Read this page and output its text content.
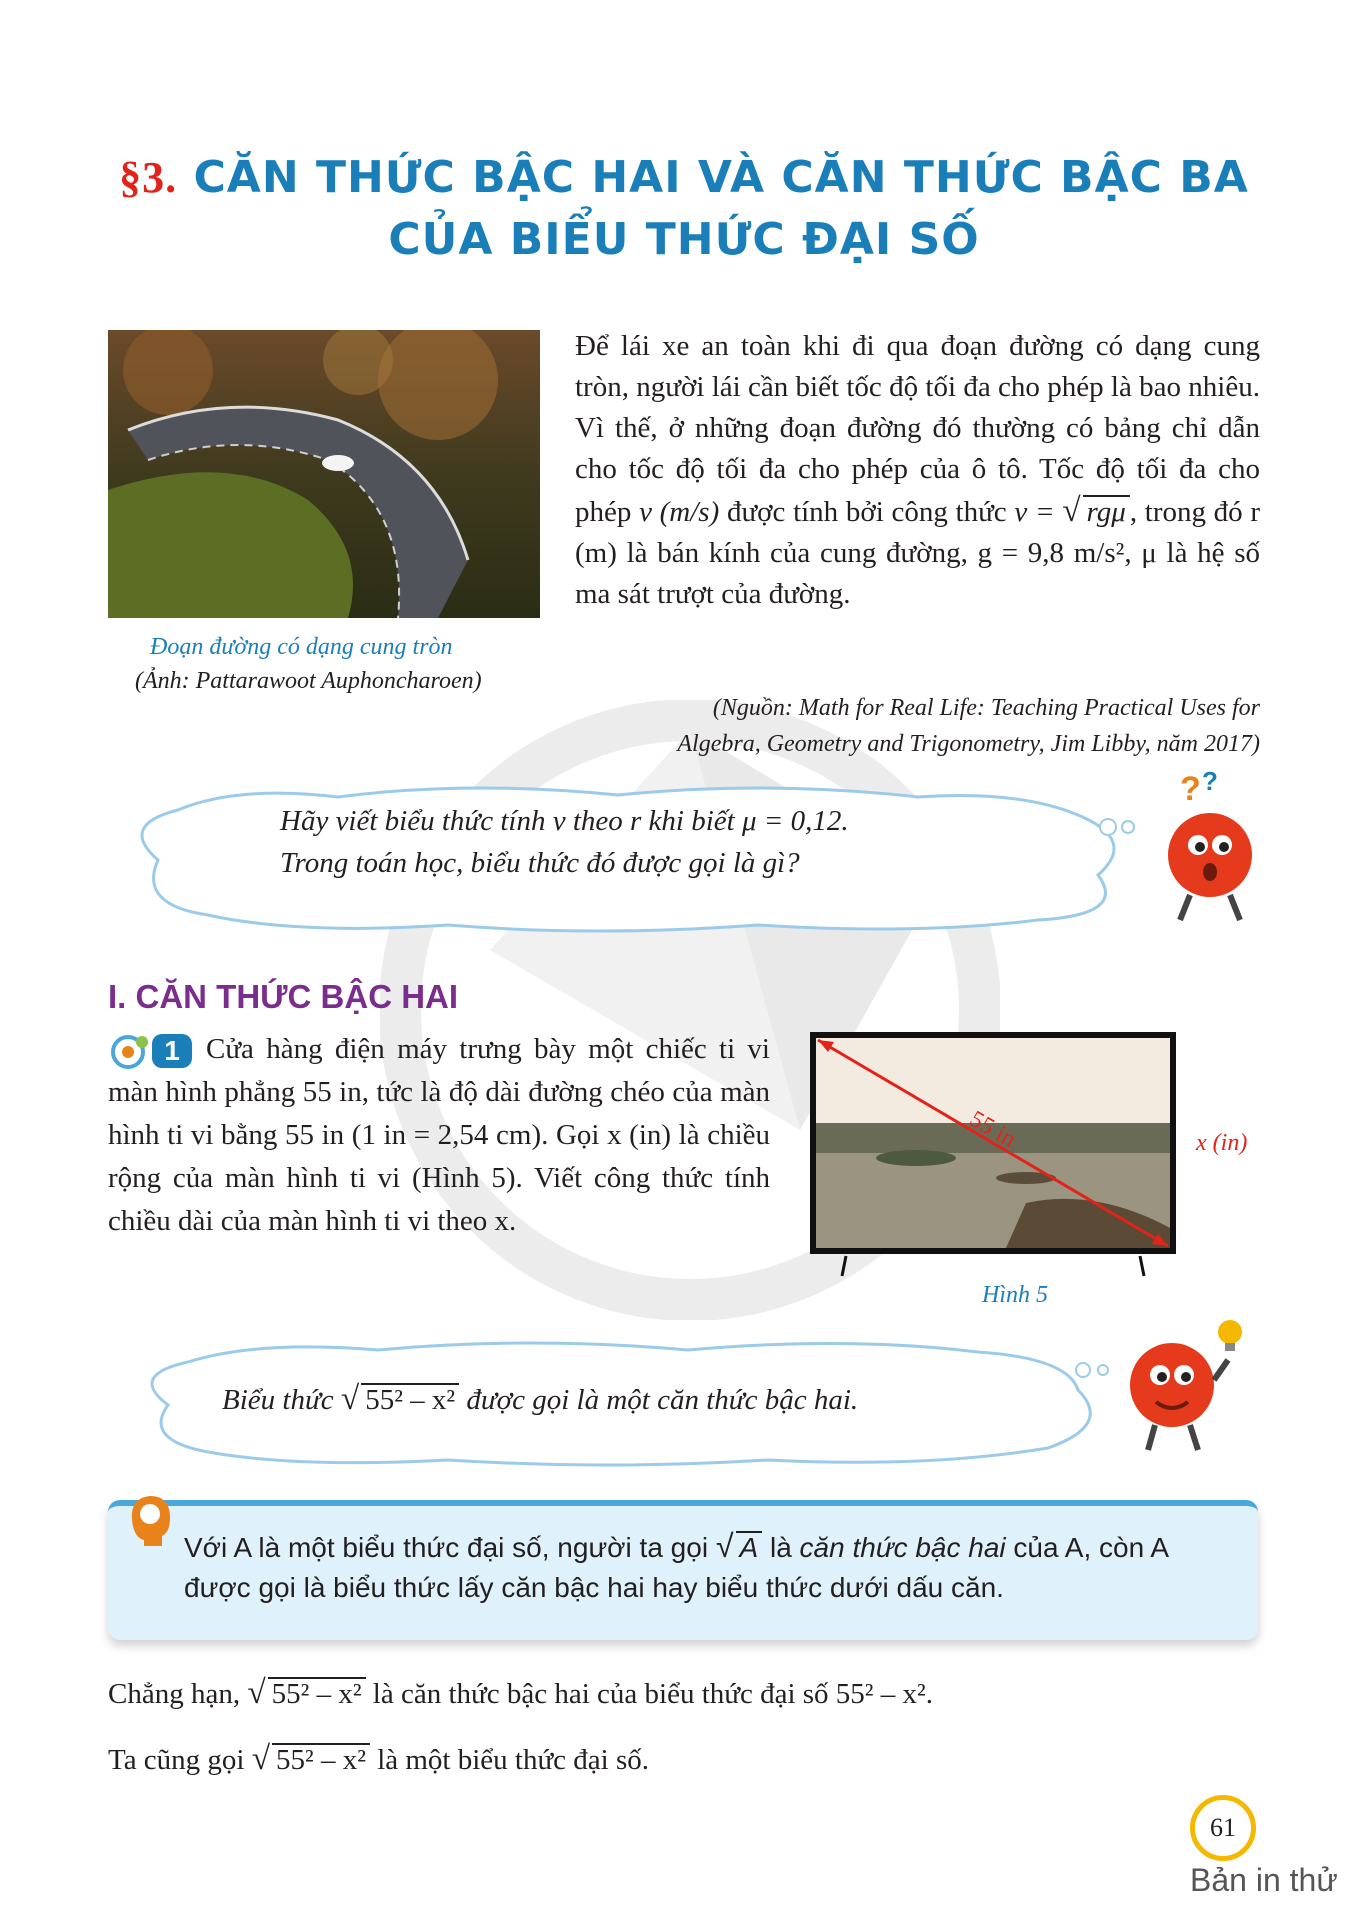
§3. CĂN THỨC BẬC HAI VÀ CĂN THỨC BẬC BA
CỦA BIỂU THỨC ĐẠI SỐ
Đoạn đường có dạng cung tròn
(Ảnh: Pattarawoot Auphoncharoen)
Để lái xe an toàn khi đi qua đoạn đường có dạng cung tròn, người lái cần biết tốc độ tối đa cho phép là bao nhiêu. Vì thế, ở những đoạn đường đó thường có bảng chỉ dẫn cho tốc độ tối đa cho phép của ô tô. Tốc độ tối đa cho phép v (m/s) được tính bởi công thức v = √ rgμ , trong đó r (m) là bán kính của cung đường, g = 9,8 m/s², μ là hệ số ma sát trượt của đường.
(Nguồn: Math for Real Life: Teaching Practical Uses for
Algebra, Geometry and Trigonometry, Jim Libby, năm 2017)
Hãy viết biểu thức tính v theo r khi biết μ = 0,12.
Trong toán học, biểu thức đó được gọi là gì?
? ?
I. CĂN THỨC BẬC HAI
1 Cửa hàng điện máy trưng bày một chiếc ti vi màn hình phẳng 55 in, tức là độ dài đường chéo của màn hình ti vi bằng 55 in (1 in = 2,54 cm). Gọi x (in) là chiều rộng của màn hình ti vi (Hình 5). Viết công thức tính chiều dài của màn hình ti vi theo x.
55 in	x (in)
Hình 5
Biểu thức √ 55² – x² được gọi là một căn thức bậc hai.
Với A là một biểu thức đại số, người ta gọi √ A là căn thức bậc hai của A, còn A
được gọi là biểu thức lấy căn bậc hai hay biểu thức dưới dấu căn.
Chẳng hạn, √ 55² – x² là căn thức bậc hai của biểu thức đại số 55² – x².
Ta cũng gọi √ 55² – x² là một biểu thức đại số.
61
Bản in thử
